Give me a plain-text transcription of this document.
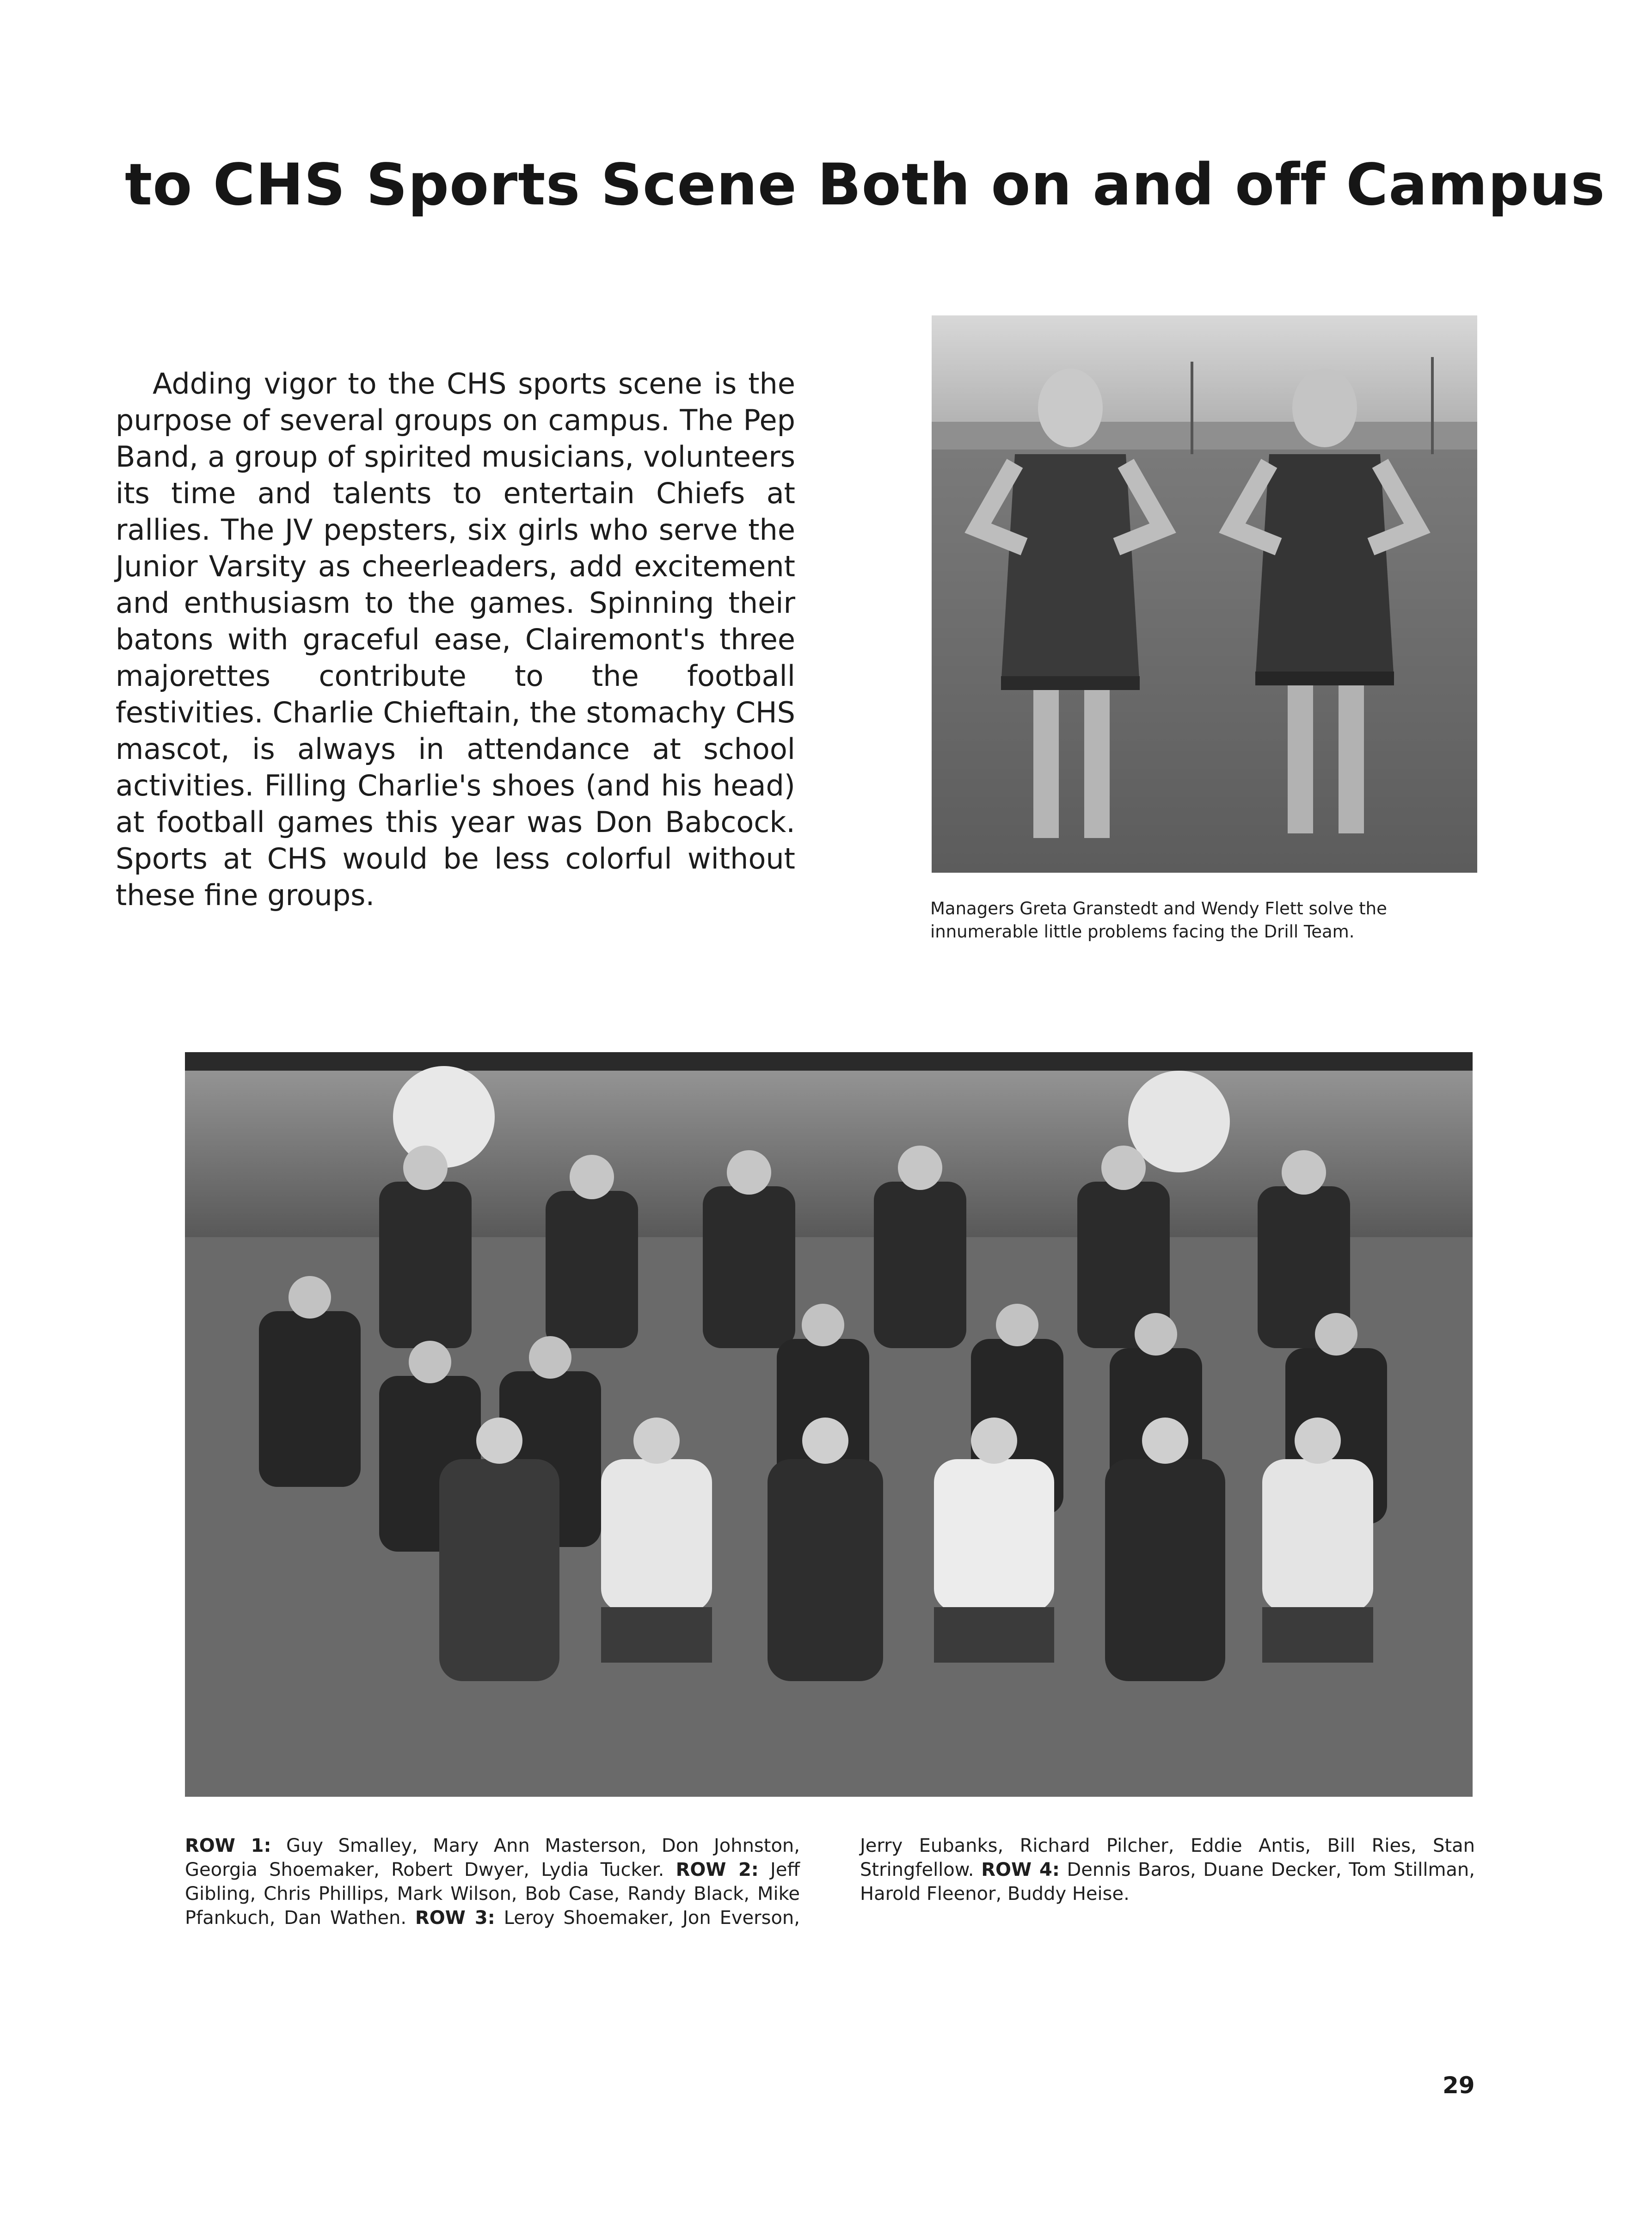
to CHS Sports Scene Both on and off Campus

Adding vigor to the CHS sports scene is the purpose of several groups on campus. The Pep Band, a group of spirited musicians, volunteers its time and talents to entertain Chiefs at rallies. The JV pepsters, six girls who serve the Junior Varsity as cheerleaders, add excitement and enthusiasm to the games. Spinning their batons with graceful ease, Clairemont's three majorettes contribute to the football festivities. Charlie Chieftain, the stomachy CHS mascot, is always in attendance at school activities. Filling Charlie's shoes (and his head) at football games this year was Don Babcock. Sports at CHS would be less colorful without these fine groups.	Managers Greta Granstedt and Wendy Flett solve the innumerable little problems facing the Drill Team.

ROW 1: Guy Smalley, Mary Ann Masterson, Don Johnston, Georgia Shoemaker, Robert Dwyer, Lydia Tucker. ROW 2: Jeff Gibling, Chris Phillips, Mark Wilson, Bob Case, Randy Black, Mike Pfankuch, Dan Wathen. ROW 3: Leroy Shoemaker, Jon Everson, Jerry Eubanks, Richard Pilcher, Eddie Antis, Bill Ries, Stan Stringfellow. ROW 4: Dennis Baros, Duane Decker, Tom Stillman, Harold Fleenor, Buddy Heise.

29
